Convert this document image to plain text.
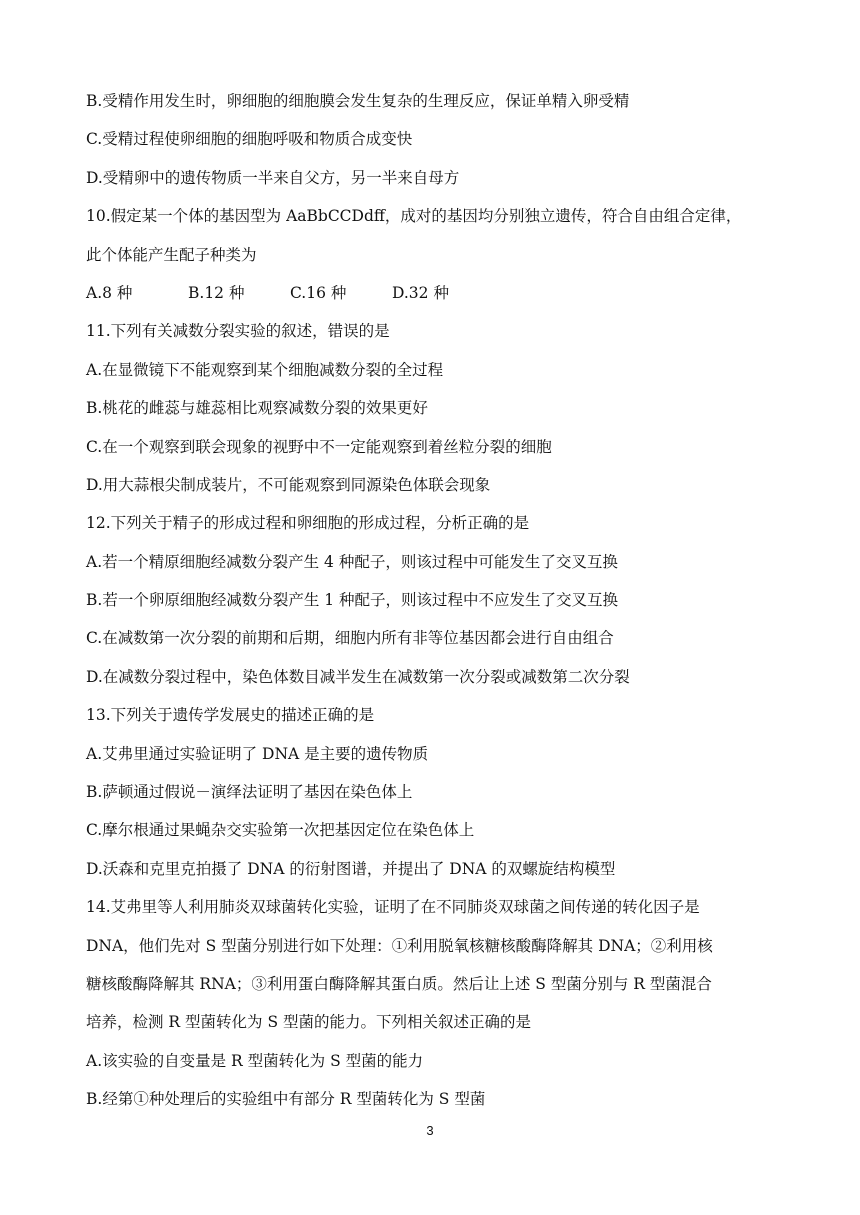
B.受精作用发生时，卵细胞的细胞膜会发生复杂的生理反应，保证单精入卵受精
C.受精过程使卵细胞的细胞呼吸和物质合成变快
D.受精卵中的遗传物质一半来自父方，另一半来自母方
10.假定某一个体的基因型为 AaBbCCDdff，成对的基因均分别独立遗传，符合自由组合定律，
此个体能产生配子种类为
A.8 种	B.12 种	C.16 种	D.32 种
11.下列有关减数分裂实验的叙述，错误的是
A.在显微镜下不能观察到某个细胞减数分裂的全过程
B.桃花的雌蕊与雄蕊相比观察减数分裂的效果更好
C.在一个观察到联会现象的视野中不一定能观察到着丝粒分裂的细胞
D.用大蒜根尖制成装片，不可能观察到同源染色体联会现象
12.下列关于精子的形成过程和卵细胞的形成过程，分析正确的是
A.若一个精原细胞经减数分裂产生 4 种配子，则该过程中可能发生了交叉互换
B.若一个卵原细胞经减数分裂产生 1 种配子，则该过程中不应发生了交叉互换
C.在减数第一次分裂的前期和后期，细胞内所有非等位基因都会进行自由组合
D.在减数分裂过程中，染色体数目减半发生在减数第一次分裂或减数第二次分裂
13.下列关于遗传学发展史的描述正确的是
A.艾弗里通过实验证明了 DNA 是主要的遗传物质
B.萨顿通过假说－演绎法证明了基因在染色体上
C.摩尔根通过果蝇杂交实验第一次把基因定位在染色体上
D.沃森和克里克拍摄了 DNA 的衍射图谱，并提出了 DNA 的双螺旋结构模型
14.艾弗里等人利用肺炎双球菌转化实验，证明了在不同肺炎双球菌之间传递的转化因子是
DNA，他们先对 S 型菌分别进行如下处理：①利用脱氧核糖核酸酶降解其 DNA；②利用核
糖核酸酶降解其 RNA；③利用蛋白酶降解其蛋白质。然后让上述 S 型菌分别与 R 型菌混合
培养，检测 R 型菌转化为 S 型菌的能力。下列相关叙述正确的是
A.该实验的自变量是 R 型菌转化为 S 型菌的能力
B.经第①种处理后的实验组中有部分 R 型菌转化为 S 型菌
3
